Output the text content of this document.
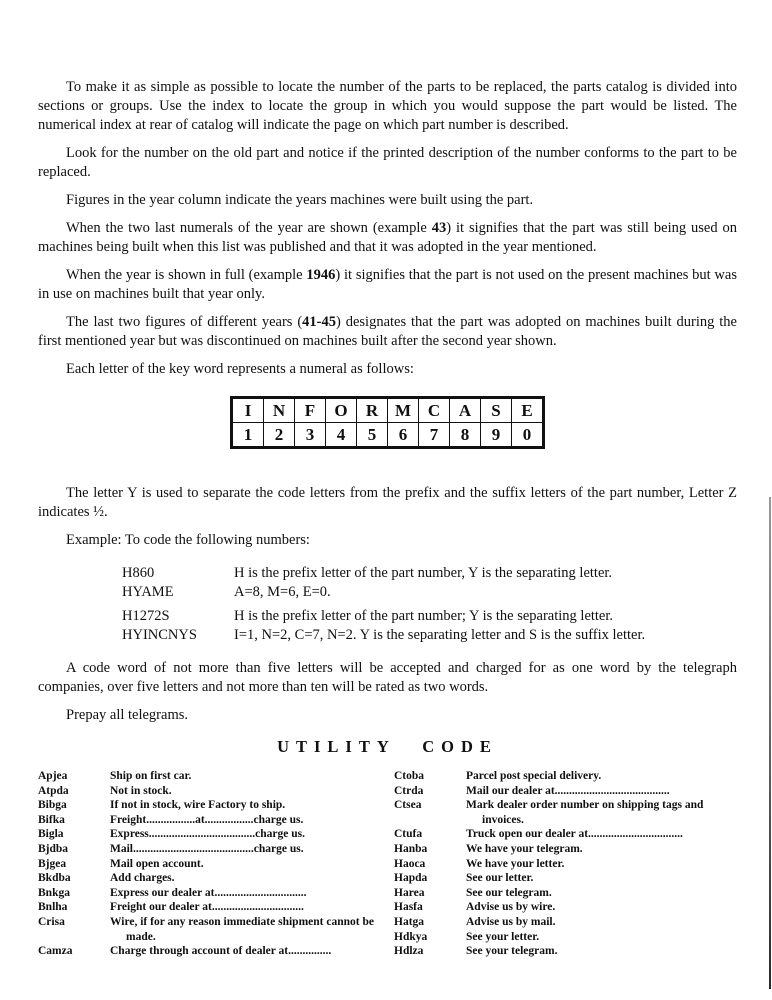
To make it as simple as possible to locate the number of the parts to be replaced, the parts catalog is divided into sections or groups. Use the index to locate the group in which you would suppose the part would be listed. The numerical index at rear of catalog will indicate the page on which part number is described.

Look for the number on the old part and notice if the printed description of the number conforms to the part to be replaced.

Figures in the year column indicate the years machines were built using the part.

When the two last numerals of the year are shown (example 43) it signifies that the part was still being used on machines being built when this list was published and that it was adopted in the year mentioned.

When the year is shown in full (example 1946) it signifies that the part is not used on the present machines but was in use on machines built that year only.

The last two figures of different years (41-45) designates that the part was adopted on machines built during the first mentioned year but was discontinued on machines built after the second year shown.

Each letter of the key word represents a numeral as follows:

I	N	F	O	R	M	C	A	S	E
1	2	3	4	5	6	7	8	9	0

The letter Y is used to separate the code letters from the prefix and the suffix letters of the part number, Letter Z indicates ½.

Example: To code the following numbers:

H860	H is the prefix letter of the part number, Y is the separating letter.
HYAME	A=8, M=6, E=0.
H1272S	H is the prefix letter of the part number; Y is the separating letter.
HYINCNYS	I=1, N=2, C=7, N=2. Y is the separating letter and S is the suffix letter.

A code word of not more than five letters will be accepted and charged for as one word by the telegraph companies, over five letters and not more than ten will be rated as two words.

Prepay all telegrams.

UTILITY CODE
Apjea	Ship on first car.
Atpda	Not in stock.
Bibga	If not in stock, wire Factory to ship.
Bifka	Freight.................at.................charge us.
Bigla	Express.....................................charge us.
Bjdba	Mail..........................................charge us.
Bjgea	Mail open account.
Bkdba	Add charges.
Bnkga	Express our dealer at................................
Bnlha	Freight our dealer at................................
Crisa	Wire, if for any reason immediate shipment cannot be made.
Camza	Charge through account of dealer at...............
Ctoba	Parcel post special delivery.
Ctrda	Mail our dealer at........................................
Ctsea	Mark dealer order number on shipping tags and invoices.
Ctufa	Truck open our dealer at.................................
Hanba	We have your telegram.
Haoca	We have your letter.
Hapda	See our letter.
Harea	See our telegram.
Hasfa	Advise us by wire.
Hatga	Advise us by mail.
Hdkya	See your letter.
Hdlza	See your telegram.
